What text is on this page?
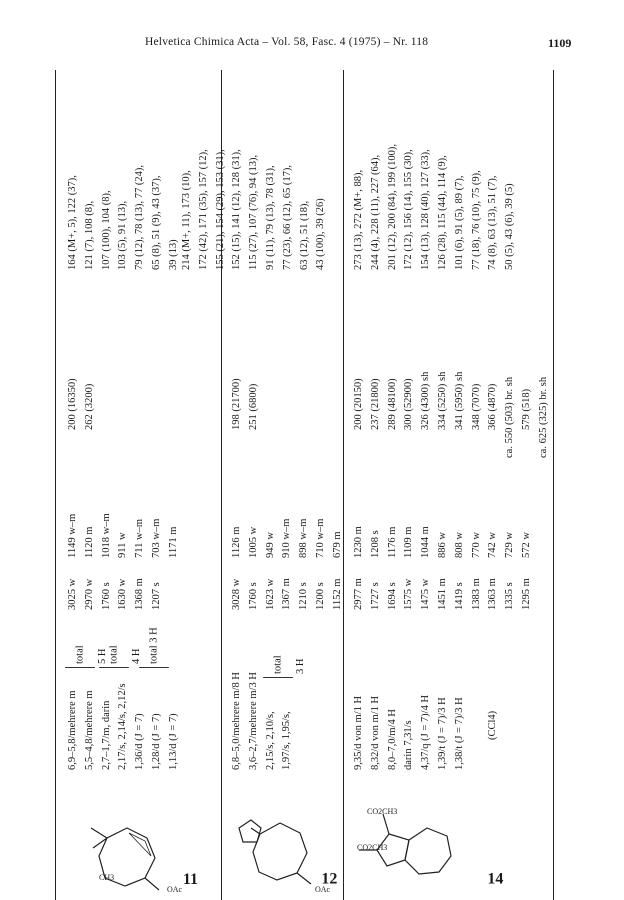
Helvetica Chimica Acta – Vol. 58, Fasc. 4 (1975) – Nr. 118	1109
CH3
OAc
11
6,9–5,8/mehrere m 5,5–4,8/mehrere m 2,7–1,7/m, darin 2,17/s, 2,14/s, 2,12/s 1,36/d (J = 7) 1,28/d (J = 7) 1,13/d (J = 7)
total 5 H total 4 H total 3 H
3025 w 2970 w 1760 s 1630 w 1368 m 1207 s
1149 w–m 1120 m 1018 w–m 911 w 711 w–m 703 w–m 1171 m
200 (16350) 262 (3200)
164 (M+, 5), 122 (37), 121 (7), 108 (8), 107 (100), 104 (8), 103 (5), 91 (13), 79 (12), 78 (13), 77 (24), 65 (8), 51 (9), 43 (37), 39 (13)
OAc
12
6,8–5,0/mehrere m/8 H 3,6–2,7/mehrere m/3 H 2,15/s, 2,10/s, 1,97/s, 1,95/s,
total 3 H
3028 w 1760 s 1623 w 1367 m 1210 s 1200 s 1152 m
1126 m 1005 w 949 w 910 w–m 898 w–m 710 w–m 679 m
198 (21700) 251 (6800)
214 (M+, 11), 173 (10), 172 (42), 171 (35), 157 (12), 155 (21), 154 (29), 153 (31), 152 (15), 141 (12), 128 (31), 115 (27), 107 (76), 94 (13), 91 (11), 79 (13), 78 (31), 77 (23), 66 (12), 65 (17), 63 (12), 51 (18), 43 (100), 39 (26)
CO2CH3
CO2CH3
14
9,35/d von m/1 H 8,32/d von m/1 H 8,0–7,0/m/4 H darin 7,31/s 4,37/q (J = 7)/4 H 1,39/t (J = 7)/3 H 1,38/t (J = 7)/3 H
	(CCl4)
2977 m 1727 s 1694 s 1575 w 1475 w 1451 m 1419 s 1383 m 1363 m 1335 s 1295 m
1230 m 1208 s 1176 m 1109 m 1044 m 886 w 808 w 770 w 742 w 729 w 572 w
200 (20150) 237 (21800) 289 (48100) 300 (52900) 326 (4300) sh 334 (5250) sh 341 (5950) sh 348 (7070) 366 (4870) ca. 550 (503) br. sh 579 (518) ca. 625 (325) br. sh
273 (13), 272 (M+, 88), 244 (4), 228 (11), 227 (64), 201 (12), 200 (84), 199 (100), 172 (12), 156 (14), 155 (30), 154 (13), 128 (40), 127 (33), 126 (28), 115 (44), 114 (9), 101 (6), 91 (5), 89 (7), 77 (18), 76 (10), 75 (9), 74 (8), 63 (13), 51 (7), 50 (5), 43 (6), 39 (5)
